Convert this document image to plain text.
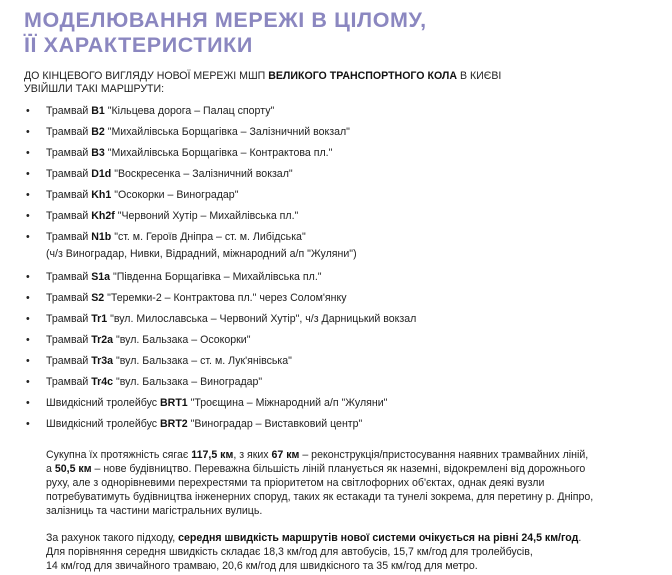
МОДЕЛЮВАННЯ МЕРЕЖІ В ЦІЛОМУ,
ЇЇ ХАРАКТЕРИСТИКИ
ДО КІНЦЕВОГО ВИГЛЯДУ НОВОЇ МЕРЕЖІ МШП ВЕЛИКОГО ТРАНСПОРТНОГО КОЛА В КИЄВІ
УВІЙШЛИ ТАКІ МАРШРУТИ:
• Трамвай B1 "Кільцева дорога – Палац спорту"
• Трамвай B2 "Михайлівська Борщагівка – Залізничний вокзал"
• Трамвай B3 "Михайлівська Борщагівка – Контрактова пл."
• Трамвай D1d "Воскресенка – Залізничний вокзал"
• Трамвай Kh1 "Осокорки – Виноградар"
• Трамвай Kh2f "Червоний Хутір – Михайлівська пл."
• Трамвай N1b "ст. м. Героїв Дніпра – ст. м. Либідська"
(ч/з Виноградар, Нивки, Відрадний, міжнародний а/п "Жуляни")
• Трамвай S1a "Південна Борщагівка – Михайлівська пл."
• Трамвай S2 "Теремки-2 – Контрактова пл." через Солом'янку
• Трамвай Tr1 "вул. Милославська – Червоний Хутір", ч/з Дарницький вокзал
• Трамвай Tr2a "вул. Бальзака – Осокорки"
• Трамвай Tr3a "вул. Бальзака – ст. м. Лук'янівська"
• Трамвай Tr4c "вул. Бальзака – Виноградар"
• Швидкісний тролейбус BRT1 "Троєщина – Міжнародний а/п "Жуляни"
• Швидкісний тролейбус BRT2 "Виноградар – Виставковий центр"
Сукупна їх протяжність сягає 117,5 км, з яких 67 км – реконструкція/пристосування наявних трамвайних ліній,
а 50,5 км – нове будівництво. Переважна більшість ліній планується як наземні, відокремлені від дорожнього
руху, але з однорівневими перехрестями та пріоритетом на світлофорних об'єктах, однак деякі вузли
потребуватимуть будівництва інженерних споруд, таких як естакади та тунелі зокрема, для перетину р. Дніпро,
залізниць та частини магістральних вулиць.
За рахунок такого підходу, середня швидкість маршрутів нової системи очікується на рівні 24,5 км/год.
Для порівняння середня швидкість складає 18,3 км/год для автобусів, 15,7 км/год для тролейбусів,
14 км/год для звичайного трамваю, 20,6 км/год для швидкісного та 35 км/год для метро.
